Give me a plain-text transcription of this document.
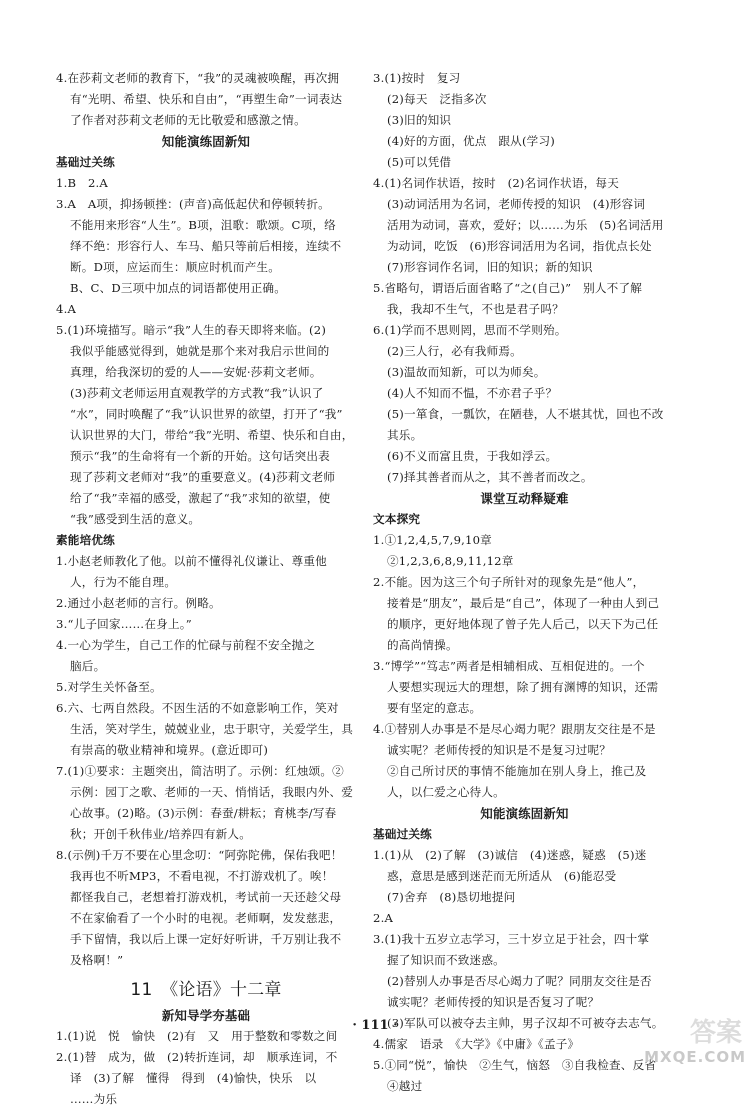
4.在莎莉文老师的教育下，“我”的灵魂被唤醒，再次拥
有“光明、希望、快乐和自由”，“再塑生命”一词表达
了作者对莎莉文老师的无比敬爱和感激之情。
知能演练固新知
基础过关练
1.B　2.A
3.A　A项，抑扬顿挫：(声音)高低起伏和停顿转折。
不能用来形容“人生”。B项，沮歌：歌颂。C项，络
绎不绝：形容行人、车马、船只等前后相接，连续不
断。D项，应运而生：顺应时机而产生。
B、C、D三项中加点的词语都使用正确。
4.A
5.(1)环境描写。暗示“我”人生的春天即将来临。(2)
我似乎能感觉得到，她就是那个来对我启示世间的
真理，给我深切的爱的人——安妮·莎莉文老师。
(3)莎莉文老师运用直观教学的方式教“我”认识了
“水”，同时唤醒了“我”认识世界的欲望，打开了“我”
认识世界的大门，带给“我”光明、希望、快乐和自由，
预示“我”的生命将有一个新的开始。这句话突出表
现了莎莉文老师对“我”的重要意义。(4)莎莉文老师
给了“我”幸福的感受，激起了“我”求知的欲望，使
“我”感受到生活的意义。
素能培优练
1.小赵老师教化了他。以前不懂得礼仪谦让、尊重他
人，行为不能自理。
2.通过小赵老师的言行。例略。
3.“儿子回家……在身上。”
4.一心为学生，自己工作的忙碌与前程不安全抛之
脑后。
5.对学生关怀备至。
6.六、七两自然段。不因生活的不如意影响工作，笑对
生活，笑对学生，兢兢业业，忠于职守，关爱学生，具
有崇高的敬业精神和境界。(意近即可)
7.(1)①要求：主题突出，简洁明了。示例：红烛颂。②
示例：园丁之歌、老师的一天、悄悄话，我眼内外、爱
心故事。(2)略。(3)示例：春蚕/耕耘；育桃李/写春
秋；开创千秋伟业/培养四有新人。
8.(示例)千万不要在心里念叨：“阿弥陀佛，保佑我吧！
我再也不听MP3，不看电视，不打游戏机了。唉！
都怪我自己，老想着打游戏机，考试前一天还趁父母
不在家偷看了一个小时的电视。老师啊，发发慈悲，
手下留情，我以后上课一定好好听讲，千万别让我不
及格啊！”
11　《论语》十二章
新知导学夯基础
1.(1)说　悦　愉快　(2)有　又　用于整数和零数之间
2.(1)替　成为，做　(2)转折连词，却　顺承连词，不
译　(3)了解　懂得　得到　(4)愉快，快乐　以
……为乐
3.(1)按时　复习
(2)每天　泛指多次
(3)旧的知识
(4)好的方面，优点　跟从(学习)
(5)可以凭借
4.(1)名词作状语，按时　(2)名词作状语，每天
(3)动词活用为名词，老师传授的知识　(4)形容词
活用为动词，喜欢，爱好；以……为乐　(5)名词活用
为动词，吃饭　(6)形容词活用为名词，指优点长处
(7)形容词作名词，旧的知识；新的知识
5.省略句，谓语后面省略了“之(自己)”　别人不了解
我，我却不生气，不也是君子吗？
6.(1)学而不思则罔，思而不学则殆。
(2)三人行，必有我师焉。
(3)温故而知新，可以为师矣。
(4)人不知而不愠，不亦君子乎？
(5)一箪食，一瓢饮，在陋巷，人不堪其忧，回也不改
其乐。
(6)不义而富且贵，于我如浮云。
(7)择其善者而从之，其不善者而改之。
课堂互动释疑难
文本探究
1.①1,2,4,5,7,9,10章
②1,2,3,6,8,9,11,12章
2.不能。因为这三个句子所针对的现象先是“他人”，
接着是“朋友”，最后是“自己”，体现了一种由人到己
的顺序，更好地体现了曾子先人后己，以天下为己任
的高尚情操。
3.“博学”“笃志”两者是相辅相成、互相促进的。一个
人要想实现远大的理想，除了拥有渊博的知识，还需
要有坚定的意志。
4.①替别人办事是不是尽心竭力呢？跟朋友交往是不是
诚实呢？老师传授的知识是不是复习过呢？
②自己所讨厌的事情不能施加在别人身上，推己及
人，以仁爱之心待人。
知能演练固新知
基础过关练
1.(1)从　(2)了解　(3)诚信　(4)迷惑，疑惑　(5)迷
惑，意思是感到迷茫而无所适从　(6)能忍受
(7)舍弃　(8)恳切地提问
2.A
3.(1)我十五岁立志学习，三十岁立足于社会，四十掌
握了知识而不致迷惑。
(2)替别人办事是否尽心竭力了呢？同朋友交往是否
诚实呢？老师传授的知识是否复习了呢？
(3)军队可以被夺去主帅，男子汉却不可被夺去志气。
4.儒家　语录　《大学》《中庸》《孟子》
5.①同“悦”，愉快　②生气，恼怒　③自我检查、反省
④越过
· 111 ·	答案
MXQE.COM
